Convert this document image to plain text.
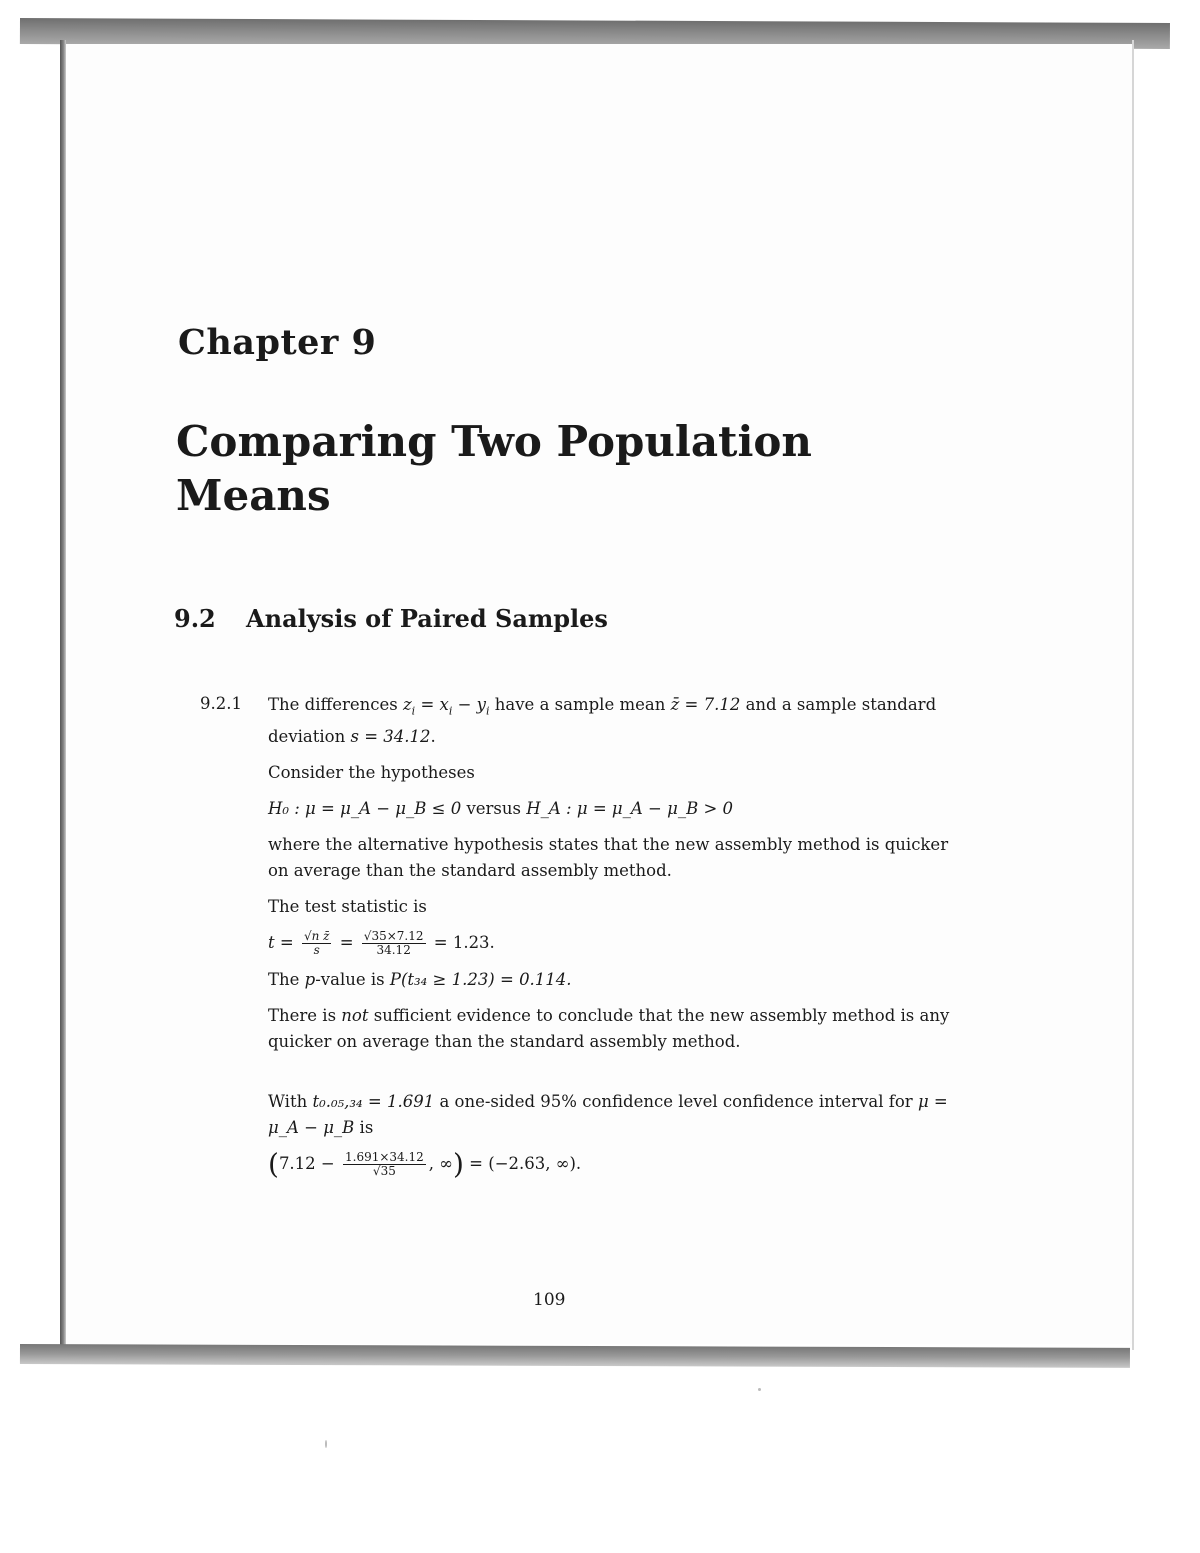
Chapter 9
Comparing Two Population
Means
9.2 Analysis of Paired Samples
9.2.1 The differences $z_i = x_i - y_i$ have a sample mean z̄ = 7.12 and a sample standard deviation s = 34.12.

Consider the hypotheses

H₀ : μ = μ_A − μ_B ≤ 0 versus H_A : μ = μ_A − μ_B > 0

where the alternative hypothesis states that the new assembly method is quicker on average than the standard assembly method.

The test statistic is

$t = \frac{\text{√n z̄}}{s} = \frac{√35\times 7.12}{34.12} = 1.23$.

The p-value is P(t₃₄ ≥ 1.23) = 0.114.

There is not sufficient evidence to conclude that the new assembly method is any quicker on average than the standard assembly method.

With t₀.₀₅,₃₄ = 1.691 a one-sided 95% confidence level confidence interval for μ = μ_A − μ_B is

($7.12 - \frac{1.691\times 34.12}{√35}$ , ∞) = (−2.63, ∞).

109
